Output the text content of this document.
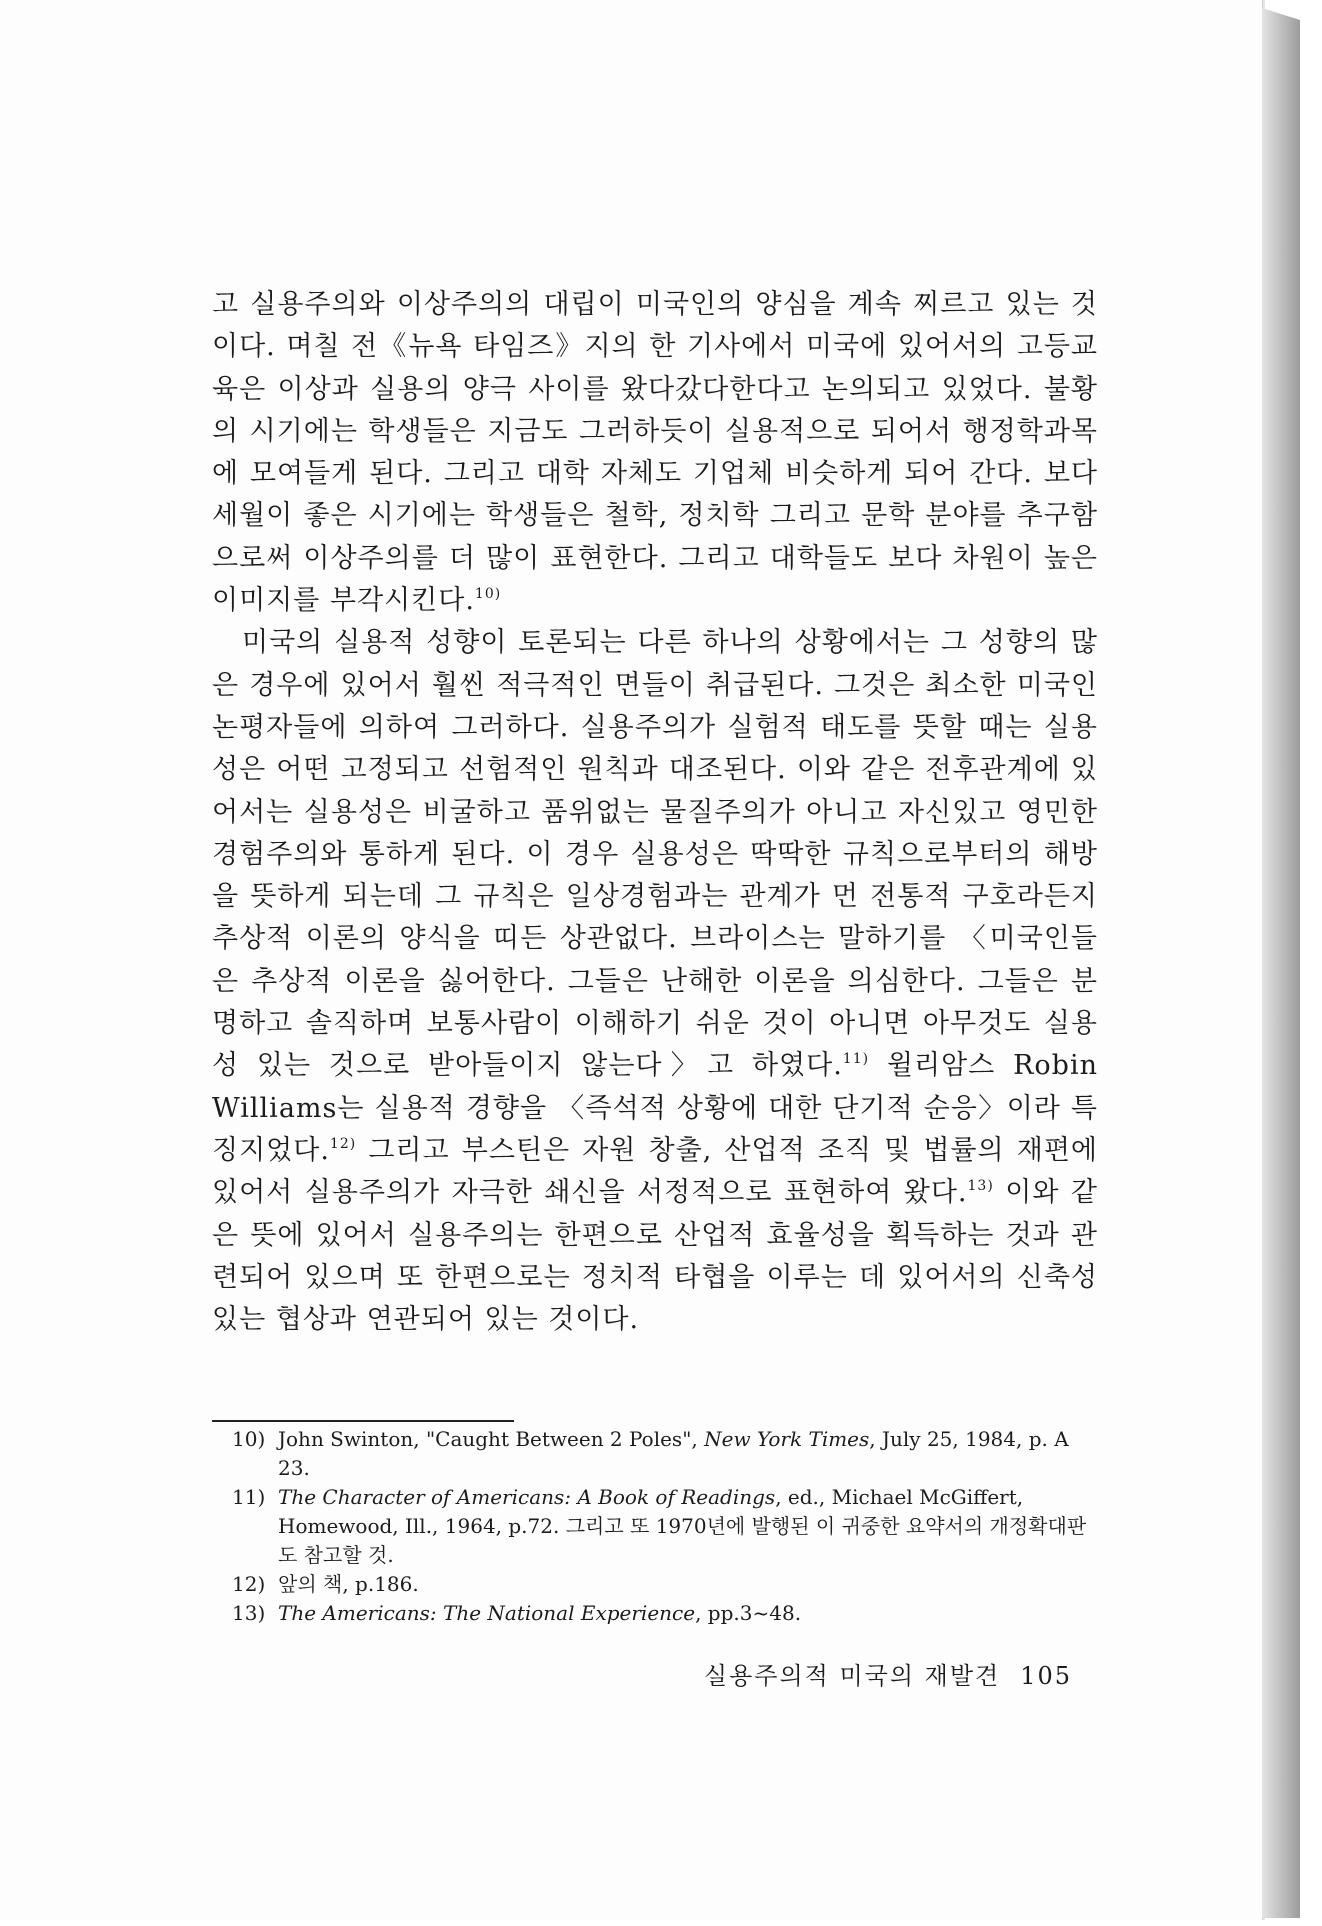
고 실용주의와 이상주의의 대립이 미국인의 양심을 계속 찌르고 있는 것이다. 며칠 전《뉴욕 타임즈》지의 한 기사에서 미국에 있어서의 고등교육은 이상과 실용의 양극 사이를 왔다갔다한다고 논의되고 있었다. 불황의 시기에는 학생들은 지금도 그러하듯이 실용적으로 되어서 행정학과목에 모여들게 된다. 그리고 대학 자체도 기업체 비슷하게 되어 간다. 보다 세월이 좋은 시기에는 학생들은 철학, 정치학 그리고 문학 분야를 추구함으로써 이상주의를 더 많이 표현한다. 그리고 대학들도 보다 차원이 높은 이미지를 부각시킨다.$^{10)}$

미국의 실용적 성향이 토론되는 다른 하나의 상황에서는 그 성향의 많은 경우에 있어서 훨씬 적극적인 면들이 취급된다. 그것은 최소한 미국인 논평자들에 의하여 그러하다. 실용주의가 실험적 태도를 뜻할 때는 실용성은 어떤 고정되고 선험적인 원칙과 대조된다. 이와 같은 전후관계에 있어서는 실용성은 비굴하고 품위없는 물질주의가 아니고 자신있고 영민한 경험주의와 통하게 된다. 이 경우 실용성은 딱딱한 규칙으로부터의 해방을 뜻하게 되는데 그 규칙은 일상경험과는 관계가 먼 전통적 구호라든지 추상적 이론의 양식을 띠든 상관없다. 브라이스는 말하기를 〈미국인들은 추상적 이론을 싫어한다. 그들은 난해한 이론을 의심한다. 그들은 분명하고 솔직하며 보통사람이 이해하기 쉬운 것이 아니면 아무것도 실용성 있는 것으로 받아들이지 않는다〉고 하였다.$^{11)}$ 윌리암스 Robin Williams는 실용적 경향을 〈즉석적 상황에 대한 단기적 순응〉이라 특징지었다.$^{12)}$ 그리고 부스틴은 자원 창출, 산업적 조직 및 법률의 재편에 있어서 실용주의가 자극한 쇄신을 서정적으로 표현하여 왔다.$^{13)}$ 이와 같은 뜻에 있어서 실용주의는 한편으로 산업적 효율성을 획득하는 것과 관련되어 있으며 또 한편으로는 정치적 타협을 이루는 데 있어서의 신축성 있는 협상과 연관되어 있는 것이다.

10) John Swinton, "Caught Between 2 Poles", New York Times, July 25, 1984, p. A 23.

11) The Character of Americans: A Book of Readings, ed., Michael McGiffert, Homewood, Ill., 1964, p.72. 그리고 또 1970년에 발행된 이 귀중한 요약서의 개정확대판도 참고할 것.

12) 앞의 책, p.186.

13) The Americans: The National Experience, pp.3~48.

실용주의적 미국의 재발견 105
